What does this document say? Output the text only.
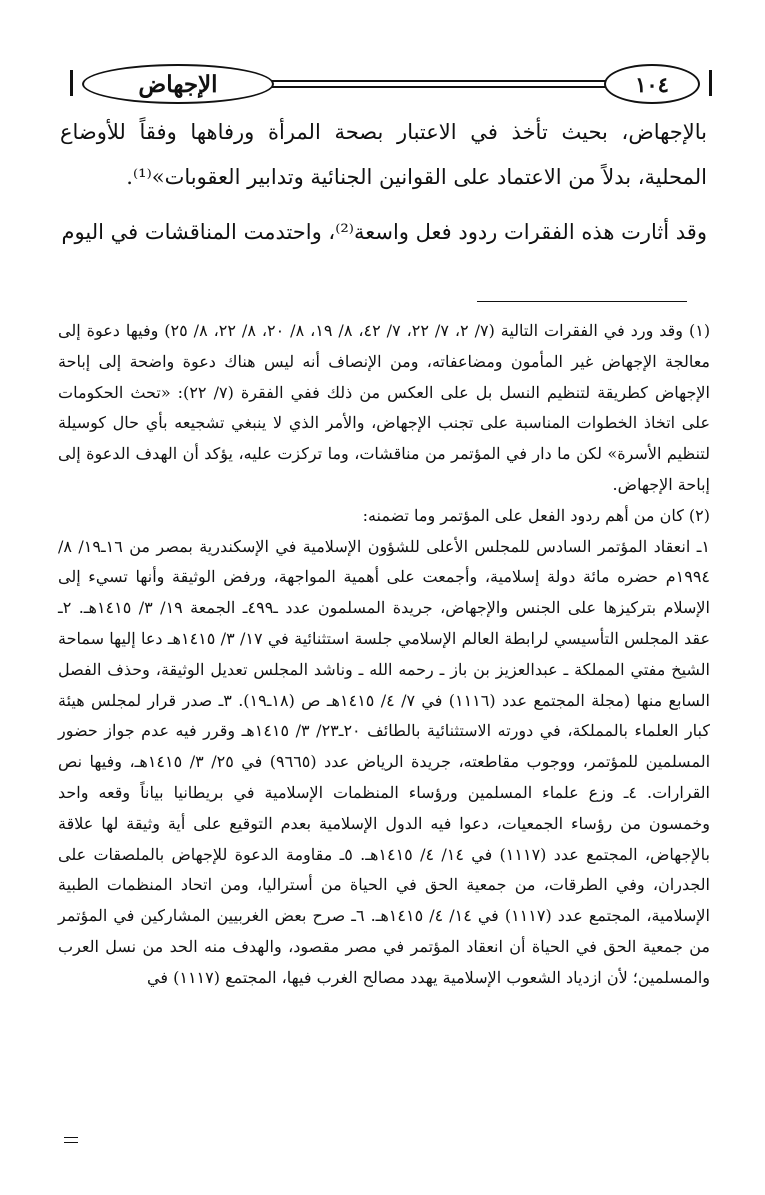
الإجهاض	١٠٤

بالإجهاض، بحيث تأخذ في الاعتبار بصحة المرأة ورفاهها وفقاً للأوضاع المحلية، بدلاً من الاعتماد على القوانين الجنائية وتدابير العقوبات»⁽¹⁾.

وقد أثارت هذه الفقرات ردود فعل واسعة⁽²⁾، واحتدمت المناقشات في اليوم

(١) وقد ورد في الفقرات التالية (٧/ ٢، ٧/ ٢٢، ٧/ ٤٢، ٨/ ١٩، ٨/ ٢٠، ٨/ ٢٢، ٨/ ٢٥) وفيها دعوة إلى معالجة الإجهاض غير المأمون ومضاعفاته، ومن الإنصاف أنه ليس هناك دعوة واضحة إلى إباحة الإجهاض كطريقة لتنظيم النسل بل على العكس من ذلك ففي الفقرة (٧/ ٢٢): «تحث الحكومات على اتخاذ الخطوات المناسبة على تجنب الإجهاض، والأمر الذي لا ينبغي تشجيعه بأي حال كوسيلة لتنظيم الأسرة» لكن ما دار في المؤتمر من مناقشات، وما تركزت عليه، يؤكد أن الهدف الدعوة إلى إباحة الإجهاض.

(٢) كان من أهم ردود الفعل على المؤتمر وما تضمنه:

١ـ انعقاد المؤتمر السادس للمجلس الأعلى للشؤون الإسلامية في الإسكندرية بمصر من ١٦ـ١٩/ ٨/ ١٩٩٤م حضره مائة دولة إسلامية، وأجمعت على أهمية المواجهة، ورفض الوثيقة وأنها تسيء إلى الإسلام بتركيزها على الجنس والإجهاض، جريدة المسلمون عدد ـ٤٩٩ـ الجمعة ١٩/ ٣/ ١٤١٥هـ. ٢ـ عقد المجلس التأسيسي لرابطة العالم الإسلامي جلسة استثنائية في ١٧/ ٣/ ١٤١٥هـ دعا إليها سماحة الشيخ مفتي المملكة ـ عبدالعزيز بن باز ـ رحمه الله ـ وناشد المجلس تعديل الوثيقة، وحذف الفصل السابع منها (مجلة المجتمع عدد (١١١٦) في ٧/ ٤/ ١٤١٥هـ ص (١٨ـ١٩). ٣ـ صدر قرار لمجلس هيئة كبار العلماء بالمملكة، في دورته الاستثنائية بالطائف ٢٠ـ٢٣/ ٣/ ١٤١٥هـ وقرر فيه عدم جواز حضور المسلمين للمؤتمر، ووجوب مقاطعته، جريدة الرياض عدد (٩٦٦٥) في ٢٥/ ٣/ ١٤١٥هـ، وفيها نص القرارات. ٤ـ وزع علماء المسلمين ورؤساء المنظمات الإسلامية في بريطانيا بياناً وقعه واحد وخمسون من رؤساء الجمعيات، دعوا فيه الدول الإسلامية بعدم التوقيع على أية وثيقة لها علاقة بالإجهاض، المجتمع عدد (١١١٧) في ١٤/ ٤/ ١٤١٥هـ. ٥ـ مقاومة الدعوة للإجهاض بالملصقات على الجدران، وفي الطرقات، من جمعية الحق في الحياة من أستراليا، ومن اتحاد المنظمات الطبية الإسلامية، المجتمع عدد (١١١٧) في ١٤/ ٤/ ١٤١٥هـ. ٦ـ صرح بعض الغربيين المشاركين في المؤتمر من جمعية الحق في الحياة أن انعقاد المؤتمر في مصر مقصود، والهدف منه الحد من نسل العرب والمسلمين؛ لأن ازدياد الشعوب الإسلامية يهدد مصالح الغرب فيها، المجتمع (١١١٧) في
